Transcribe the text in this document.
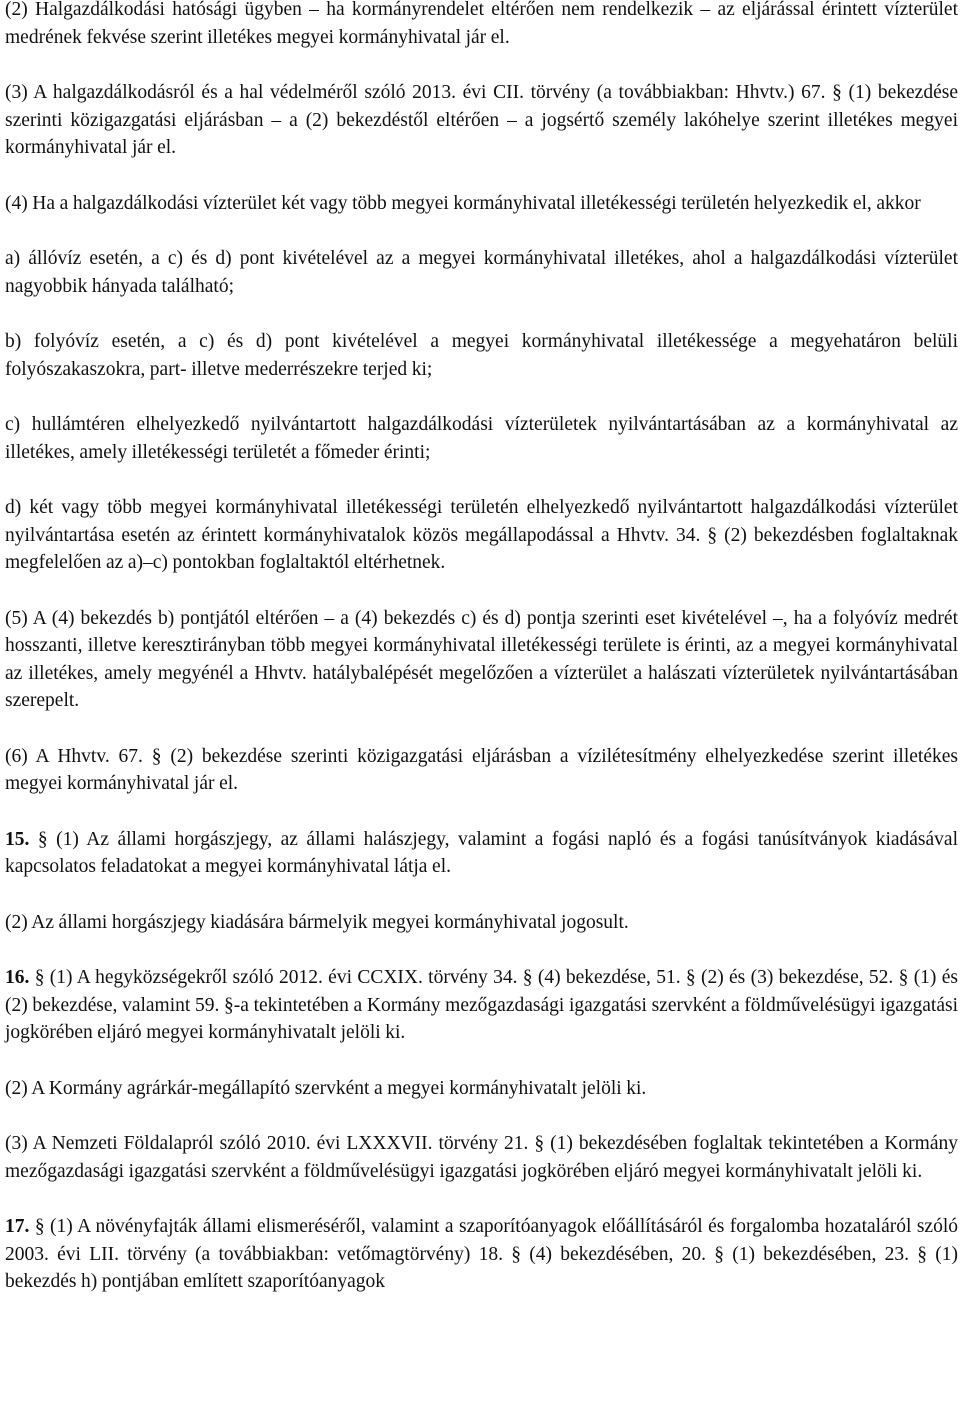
(2) Halgazdálkodási hatósági ügyben – ha kormányrendelet eltérően nem rendelkezik – az eljárással érintett vízterület medrének fekvése szerint illetékes megyei kormányhivatal jár el.

(3) A halgazdálkodásról és a hal védelméről szóló 2013. évi CII. törvény (a továbbiakban: Hhvtv.) 67. § (1) bekezdése szerinti közigazgatási eljárásban – a (2) bekezdéstől eltérően – a jogsértő személy lakóhelye szerint illetékes megyei kormányhivatal jár el.

(4) Ha a halgazdálkodási vízterület két vagy több megyei kormányhivatal illetékességi területén helyezkedik el, akkor

a) állóvíz esetén, a c) és d) pont kivételével az a megyei kormányhivatal illetékes, ahol a halgazdálkodási vízterület nagyobbik hányada található;

b) folyóvíz esetén, a c) és d) pont kivételével a megyei kormányhivatal illetékessége a megyehatáron belüli folyószakaszokra, part- illetve mederrészekre terjed ki;

c) hullámtéren elhelyezkedő nyilvántartott halgazdálkodási vízterületek nyilvántartásában az a kormányhivatal az illetékes, amely illetékességi területét a főmeder érinti;

d) két vagy több megyei kormányhivatal illetékességi területén elhelyezkedő nyilvántartott halgazdálkodási vízterület nyilvántartása esetén az érintett kormányhivatalok közös megállapodással a Hhvtv. 34. § (2) bekezdésben foglaltaknak megfelelően az a)–c) pontokban foglaltaktól eltérhetnek.

(5) A (4) bekezdés b) pontjától eltérően – a (4) bekezdés c) és d) pontja szerinti eset kivételével –, ha a folyóvíz medrét hosszanti, illetve keresztirányban több megyei kormányhivatal illetékességi területe is érinti, az a megyei kormányhivatal az illetékes, amely megyénél a Hhvtv. hatálybalépését megelőzően a vízterület a halászati vízterületek nyilvántartásában szerepelt.

(6) A Hhvtv. 67. § (2) bekezdése szerinti közigazgatási eljárásban a vízilétesítmény elhelyezkedése szerint illetékes megyei kormányhivatal jár el.

15. § (1) Az állami horgászjegy, az állami halászjegy, valamint a fogási napló és a fogási tanúsítványok kiadásával kapcsolatos feladatokat a megyei kormányhivatal látja el.

(2) Az állami horgászjegy kiadására bármelyik megyei kormányhivatal jogosult.

16. § (1) A hegyközségekről szóló 2012. évi CCXIX. törvény 34. § (4) bekezdése, 51. § (2) és (3) bekezdése, 52. § (1) és (2) bekezdése, valamint 59. §-a tekintetében a Kormány mezőgazdasági igazgatási szervként a földművelésügyi igazgatási jogkörében eljáró megyei kormányhivatalt jelöli ki.

(2) A Kormány agrárkár-megállapító szervként a megyei kormányhivatalt jelöli ki.

(3) A Nemzeti Földalapról szóló 2010. évi LXXXVII. törvény 21. § (1) bekezdésében foglaltak tekintetében a Kormány mezőgazdasági igazgatási szervként a földművelésügyi igazgatási jogkörében eljáró megyei kormányhivatalt jelöli ki.

17. § (1) A növényfajták állami elismeréséről, valamint a szaporítóanyagok előállításáról és forgalomba hozataláról szóló 2003. évi LII. törvény (a továbbiakban: vetőmagtörvény) 18. § (4) bekezdésében, 20. § (1) bekezdésében, 23. § (1) bekezdés h) pontjában említett szaporítóanyagok
